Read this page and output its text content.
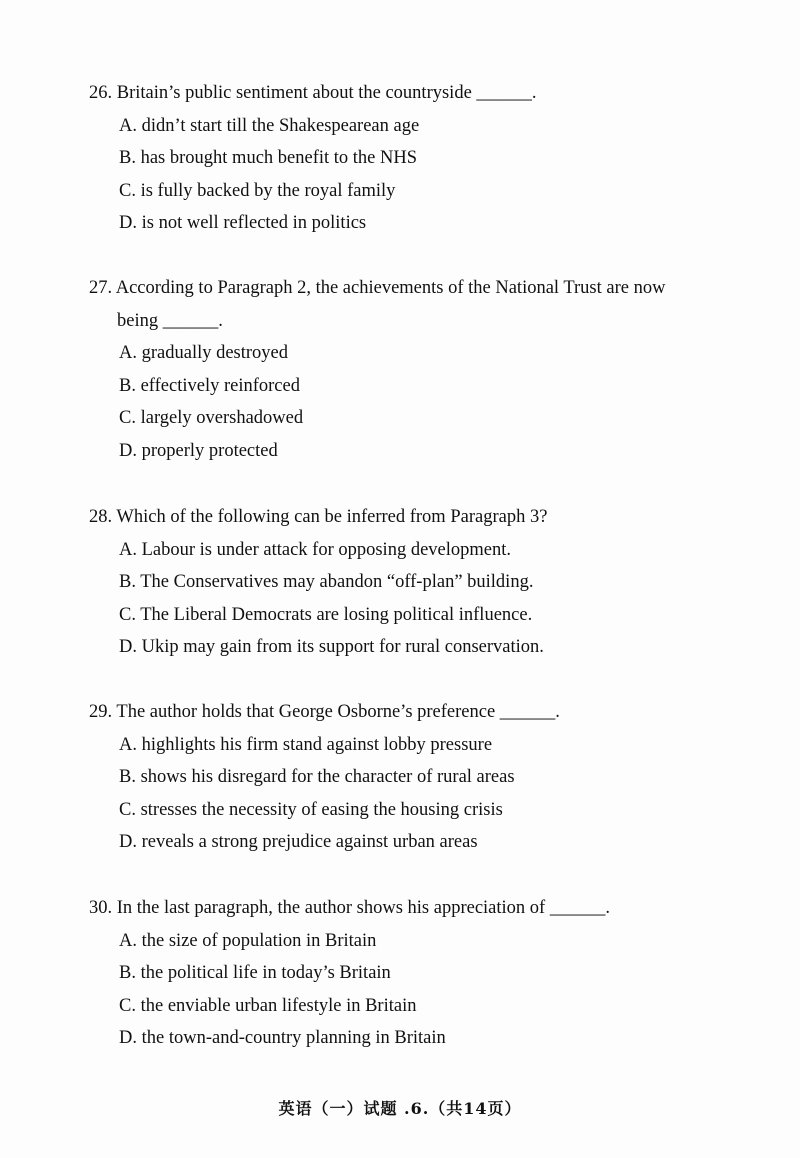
26. Britain’s public sentiment about the countryside ______.
A. didn’t start till the Shakespearean age
B. has brought much benefit to the NHS
C. is fully backed by the royal family
D. is not well reflected in politics
27. According to Paragraph 2, the achievements of the National Trust are now
being ______.
A. gradually destroyed
B. effectively reinforced
C. largely overshadowed
D. properly protected
28. Which of the following can be inferred from Paragraph 3?
A. Labour is under attack for opposing development.
B. The Conservatives may abandon “off-plan” building.
C. The Liberal Democrats are losing political influence.
D. Ukip may gain from its support for rural conservation.
29. The author holds that George Osborne’s preference ______.
A. highlights his firm stand against lobby pressure
B. shows his disregard for the character of rural areas
C. stresses the necessity of easing the housing crisis
D. reveals a strong prejudice against urban areas
30. In the last paragraph, the author shows his appreciation of ______.
A. the size of population in Britain
B. the political life in today’s Britain
C. the enviable urban lifestyle in Britain
D. the town-and-country planning in Britain
英语（一）试题 .6.（共14页）
